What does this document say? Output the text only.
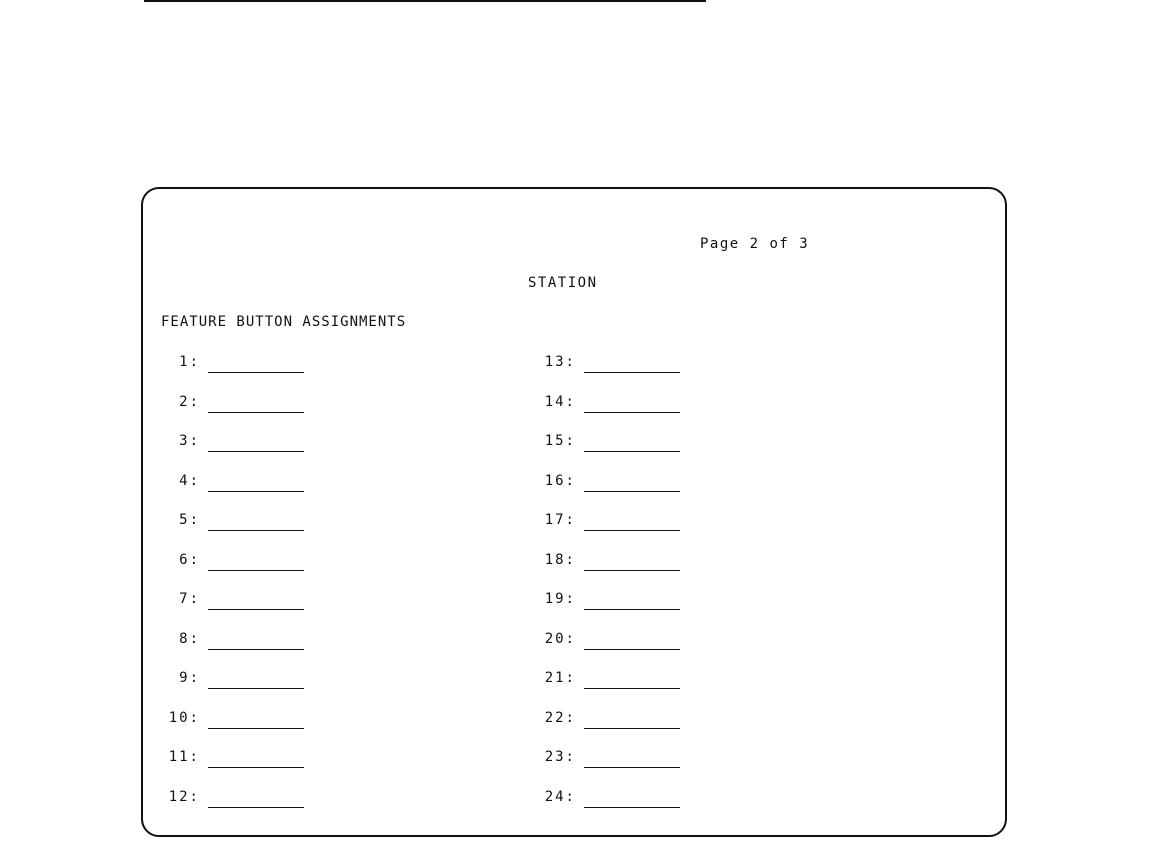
Page 2 of 3
STATION
FEATURE BUTTON ASSIGNMENTS
1:
2:
3:
4:
5:
6:
7:
8:
9:
10:
11:
12:
13:
14:
15:
16:
17:
18:
19:
20:
21:
22:
23:
24:
